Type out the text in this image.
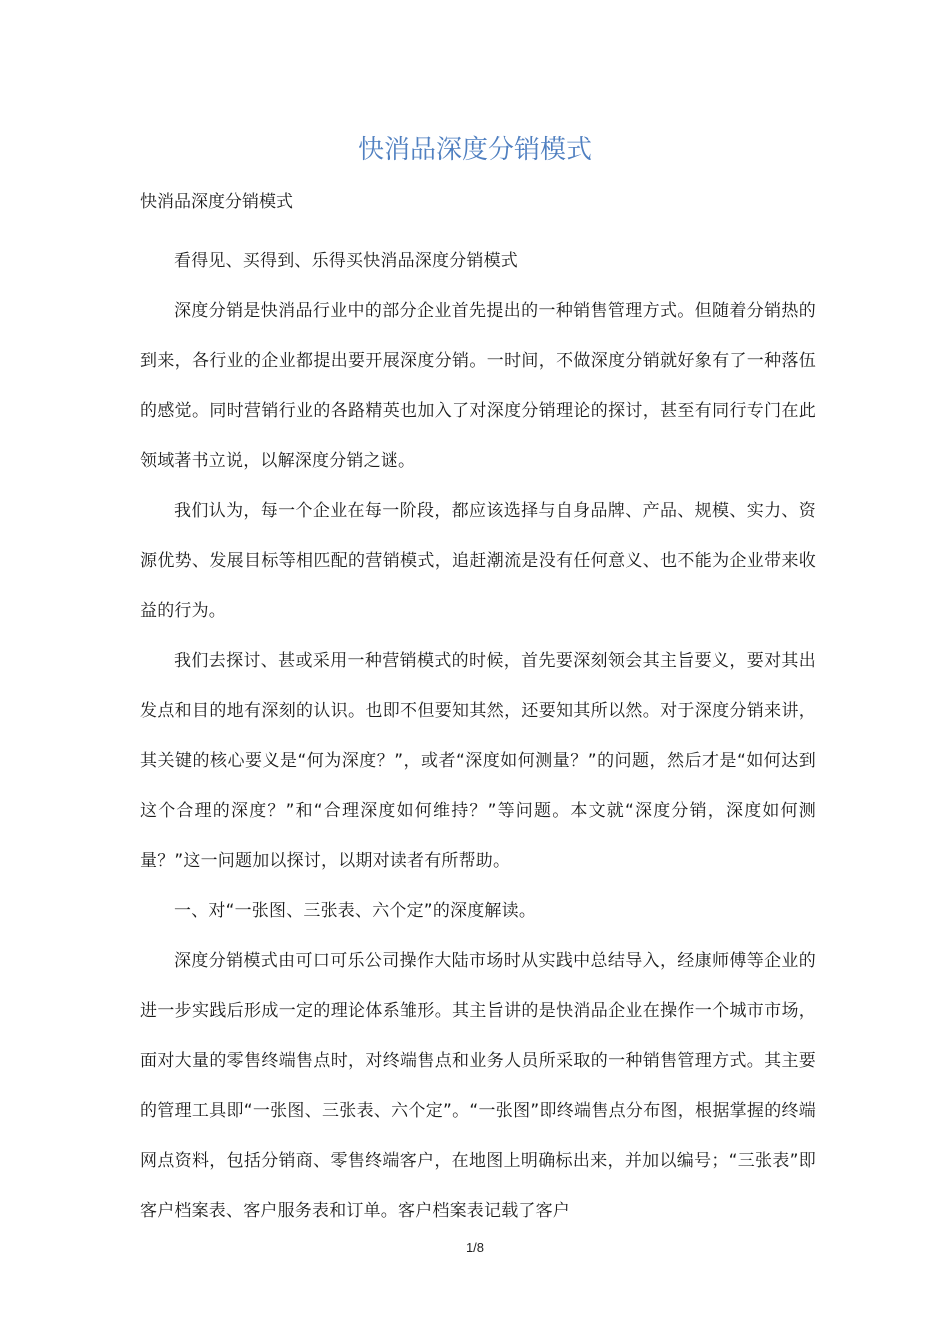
快消品深度分销模式

快消品深度分销模式

看得见、买得到、乐得买快消品深度分销模式

深度分销是快消品行业中的部分企业首先提出的一种销售管理方式。但随着分销热的到来，各行业的企业都提出要开展深度分销。一时间，不做深度分销就好象有了一种落伍的感觉。同时营销行业的各路精英也加入了对深度分销理论的探讨，甚至有同行专门在此领域著书立说，以解深度分销之谜。

我们认为，每一个企业在每一阶段，都应该选择与自身品牌、产品、规模、实力、资源优势、发展目标等相匹配的营销模式，追赶潮流是没有任何意义、也不能为企业带来收益的行为。

我们去探讨、甚或采用一种营销模式的时候，首先要深刻领会其主旨要义，要对其出发点和目的地有深刻的认识。也即不但要知其然，还要知其所以然。对于深度分销来讲，其关键的核心要义是“何为深度？”，或者“深度如何测量？”的问题，然后才是“如何达到这个合理的深度？”和“合理深度如何维持？”等问题。本文就“深度分销，深度如何测量？”这一问题加以探讨，以期对读者有所帮助。

一、对“一张图、三张表、六个定”的深度解读。

深度分销模式由可口可乐公司操作大陆市场时从实践中总结导入，经康师傅等企业的进一步实践后形成一定的理论体系雏形。其主旨讲的是快消品企业在操作一个城市市场，面对大量的零售终端售点时，对终端售点和业务人员所采取的一种销售管理方式。其主要的管理工具即“一张图、三张表、六个定”。“一张图”即终端售点分布图，根据掌握的终端网点资料，包括分销商、零售终端客户，在地图上明确标出来，并加以编号；“三张表”即客户档案表、客户服务表和订单。客户档案表记载了客户

1/8
